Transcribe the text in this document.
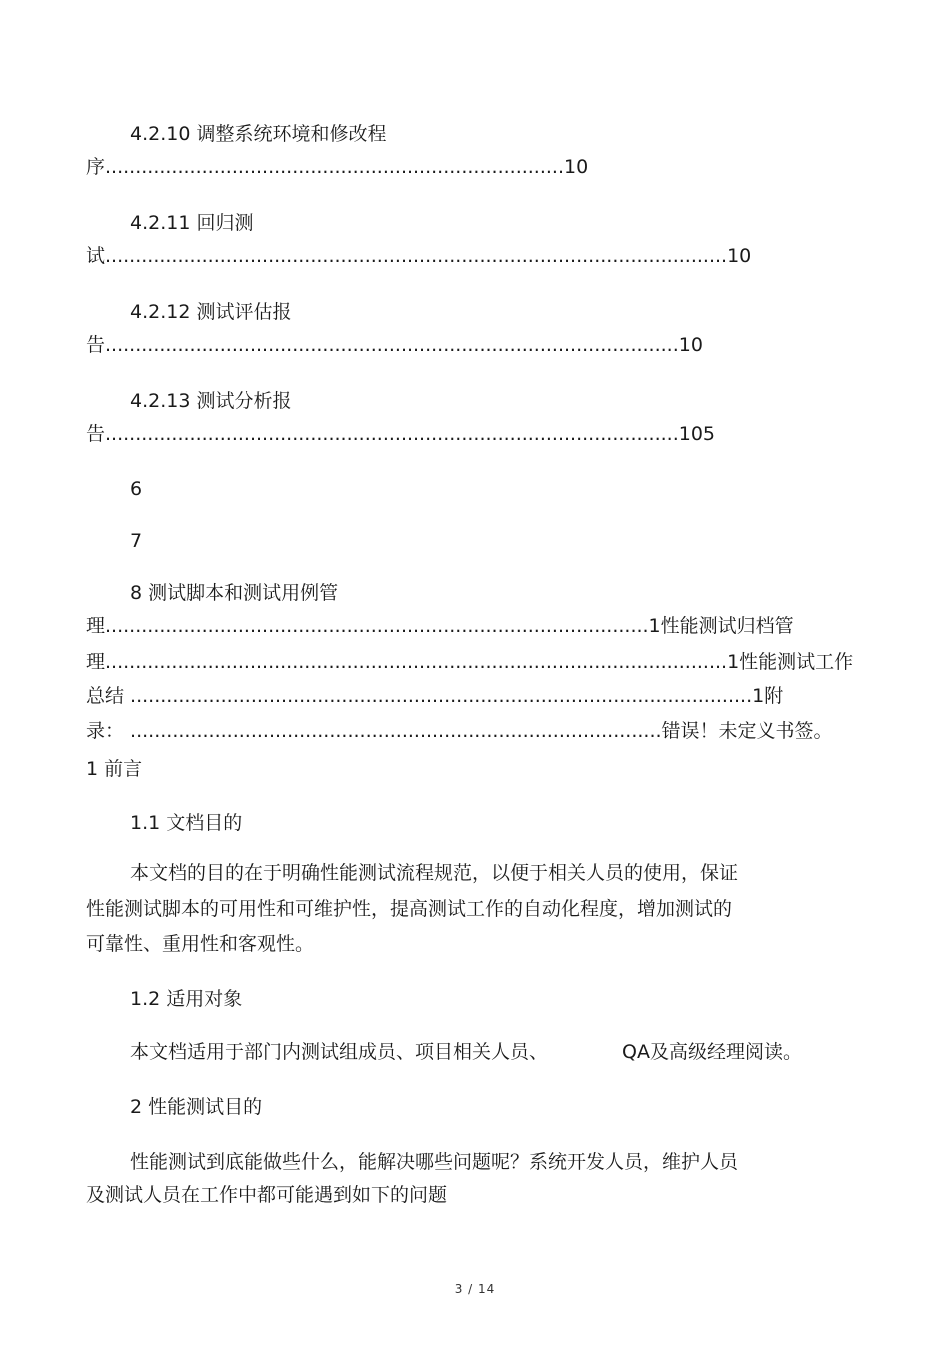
4.2.10 调整系统环境和修改程
序............................................................................10
4.2.11 回归测
试.......................................................................................................10
4.2.12 测试评估报
告...............................................................................................10
4.2.13 测试分析报
告...............................................................................................105
6
7
8 测试脚本和测试用例管
理..........................................................................................1性能测试归档管
理.......................................................................................................1性能测试工作
总结 .......................................................................................................1附
录： ........................................................................................错误！未定义书签。
1 前言
1.1 文档目的
本文档的目的在于明确性能测试流程规范，以便于相关人员的使用，保证
性能测试脚本的可用性和可维护性，提高测试工作的自动化程度，增加测试的
可靠性、重用性和客观性。
1.2 适用对象
本文档适用于部门内测试组成员、项目相关人员、	QA及高级经理阅读。
2 性能测试目的
性能测试到底能做些什么，能解决哪些问题呢？系统开发人员，维护人员
及测试人员在工作中都可能遇到如下的问题
3 / 14
